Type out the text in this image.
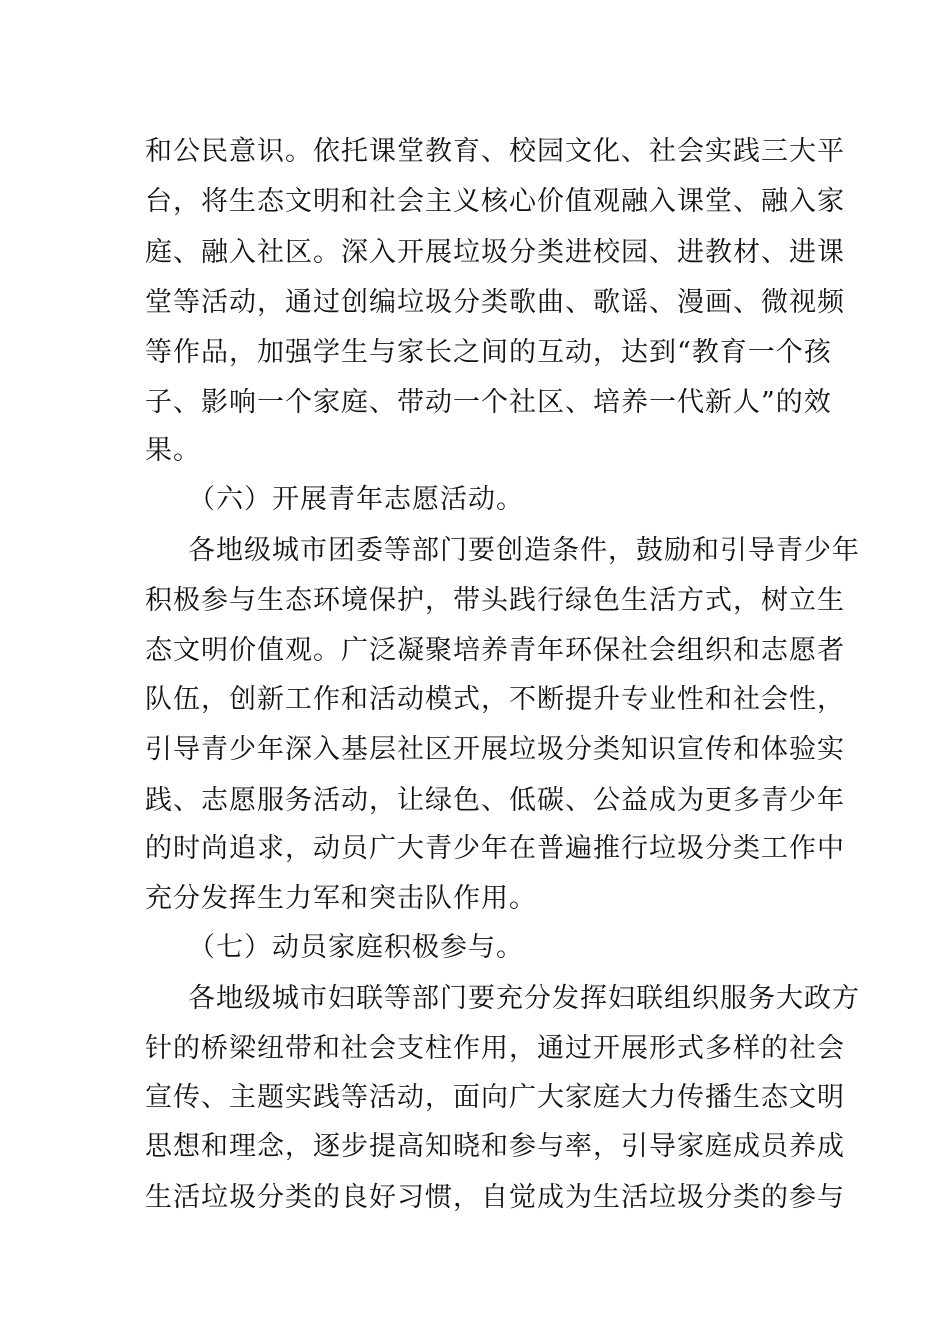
和公民意识。依托课堂教育、校园文化、社会实践三大平
台，将生态文明和社会主义核心价值观融入课堂、融入家
庭、融入社区。深入开展垃圾分类进校园、进教材、进课
堂等活动，通过创编垃圾分类歌曲、歌谣、漫画、微视频
等作品，加强学生与家长之间的互动，达到“教育一个孩
子、影响一个家庭、带动一个社区、培养一代新人”的效
果。
（六）开展青年志愿活动。
各地级城市团委等部门要创造条件，鼓励和引导青少年
积极参与生态环境保护，带头践行绿色生活方式，树立生
态文明价值观。广泛凝聚培养青年环保社会组织和志愿者
队伍，创新工作和活动模式，不断提升专业性和社会性，
引导青少年深入基层社区开展垃圾分类知识宣传和体验实
践、志愿服务活动，让绿色、低碳、公益成为更多青少年
的时尚追求，动员广大青少年在普遍推行垃圾分类工作中
充分发挥生力军和突击队作用。
（七）动员家庭积极参与。
各地级城市妇联等部门要充分发挥妇联组织服务大政方
针的桥梁纽带和社会支柱作用，通过开展形式多样的社会
宣传、主题实践等活动，面向广大家庭大力传播生态文明
思想和理念，逐步提高知晓和参与率，引导家庭成员养成
生活垃圾分类的良好习惯，自觉成为生活垃圾分类的参与
